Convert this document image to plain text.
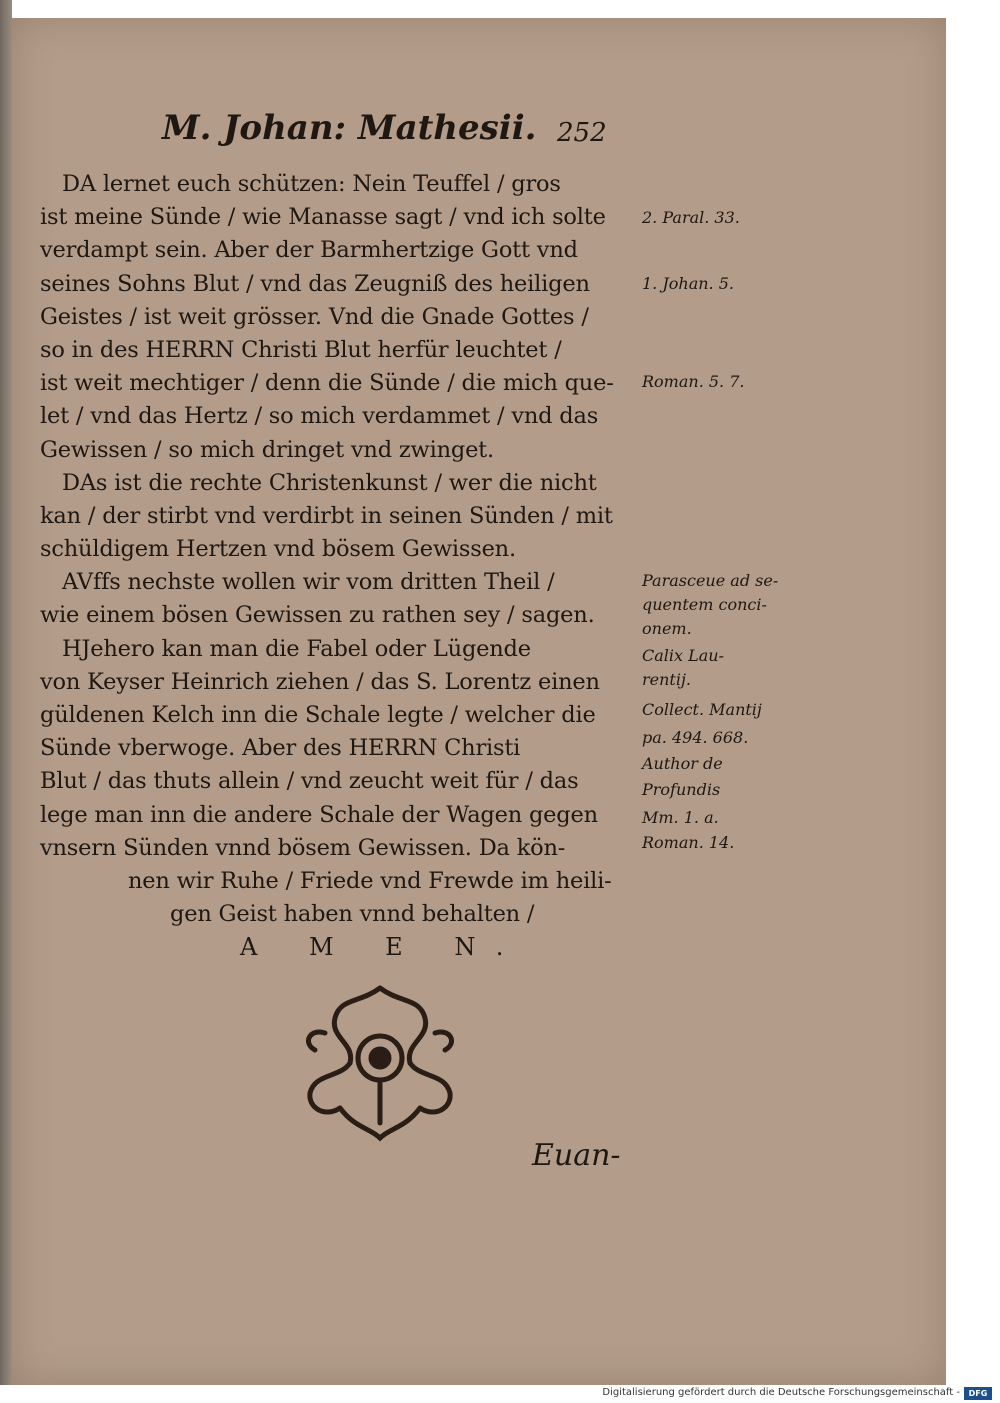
M. Johan: Mathesii. 252
DA lernet euch schützen: Nein Teuffel / gros
ist meine Sünde / wie Manasse sagt / vnd ich solte
verdampt sein. Aber der Barmhertzige Gott vnd
seines Sohns Blut / vnd das Zeugniß des heiligen
Geistes / ist weit grösser. Vnd die Gnade Gottes /
so in des HERRN Christi Blut herfür leuchtet /
ist weit mechtiger / denn die Sünde / die mich que-
let / vnd das Hertz / so mich verdammet / vnd das
Gewissen / so mich dringet vnd zwinget.
DAs ist die rechte Christenkunst / wer die nicht
kan / der stirbt vnd verdirbt in seinen Sünden / mit
schüldigem Hertzen vnd bösem Gewissen.
AVffs nechste wollen wir vom dritten Theil /
wie einem bösen Gewissen zu rathen sey / sagen.
HJehero kan man die Fabel oder Lügende
von Keyser Heinrich ziehen / das S. Lorentz einen
güldenen Kelch inn die Schale legte / welcher die
Sünde vberwoge. Aber des HERRN Christi
Blut / das thuts allein / vnd zeucht weit für / das
lege man inn die andere Schale der Wagen gegen
vnsern Sünden vnnd bösem Gewissen. Da kön-
nen wir Ruhe / Friede vnd Frewde im heili-
gen Geist haben vnnd behalten /
A M E N.
2. Paral. 33.
1. Johan. 5.
Roman. 5. 7.
Parasceue ad se-
quentem conci-
onem.
Calix Lau-
rentij.
Collect. Mantij
pa. 494. 668.
Author de
Profundis
Mm. 1. a.
Roman. 14.
Euan-
Digitalisierung gefördert durch die Deutsche Forschungsgemeinschaft -	DFG
